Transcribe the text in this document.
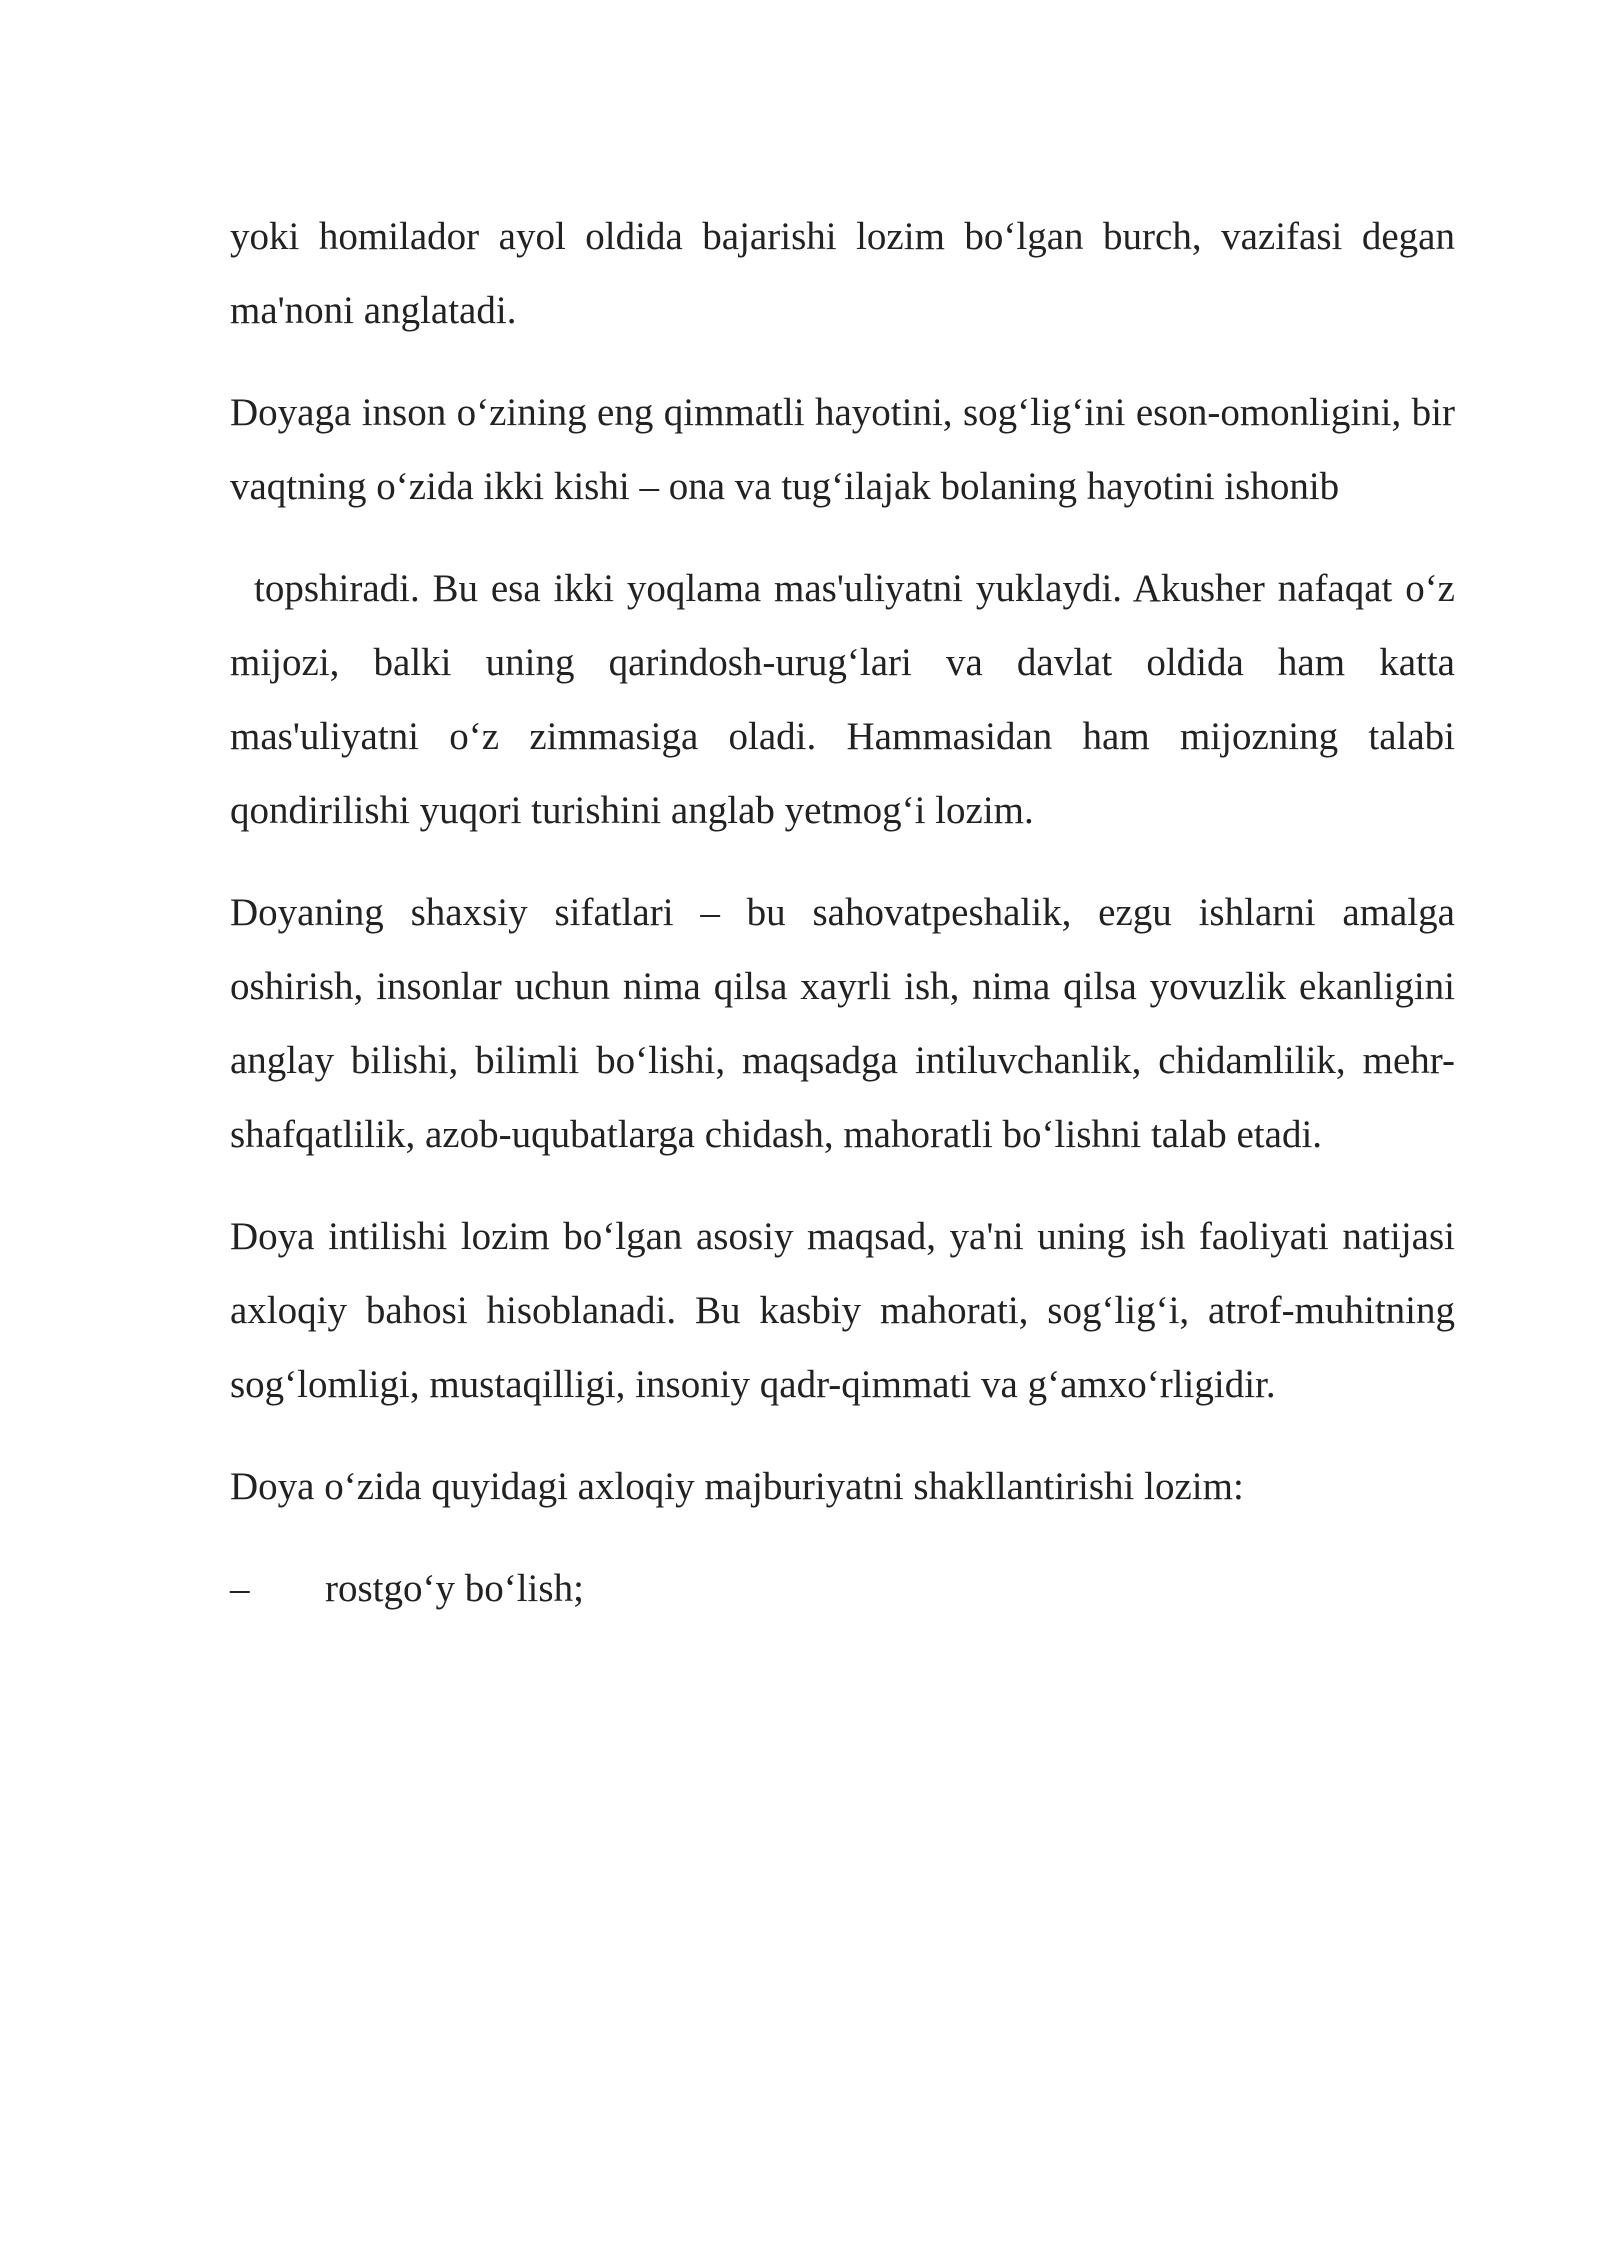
yoki homilador ayol oldida bajarishi lozim bo‘lgan burch, vazifasi degan ma'noni anglatadi.

Doyaga inson o‘zining eng qimmatli hayotini, sog‘lig‘ini eson-omonligini, bir vaqtning o‘zida ikki kishi – ona va tug‘ilajak bolaning hayotini ishonib

topshiradi. Bu esa ikki yoqlama mas'uliyatni yuklaydi. Akusher nafaqat o‘z mijozi, balki uning qarindosh-urug‘lari va davlat oldida ham katta mas'uliyatni o‘z zimmasiga oladi. Hammasidan ham mijozning talabi qondirilishi yuqori turishini anglab yetmog‘i lozim.

Doyaning shaxsiy sifatlari – bu sahovatpeshalik, ezgu ishlarni amalga oshirish, insonlar uchun nima qilsa xayrli ish, nima qilsa yovuzlik ekanligini anglay bilishi, bilimli bo‘lishi, maqsadga intiluvchanlik, chidamlilik, mehr- shafqatlilik, azob-uqubatlarga chidash, mahoratli bo‘lishni talab etadi.

Doya intilishi lozim bo‘lgan asosiy maqsad, ya'ni uning ish faoliyati natijasi axloqiy bahosi hisoblanadi. Bu kasbiy mahorati, sog‘lig‘i, atrof-muhitning sog‘lomligi, mustaqilligi, insoniy qadr-qimmati va g‘amxo‘rligidir.

Doya o‘zida quyidagi axloqiy majburiyatni shakllantirishi lozim:

–	rostgo‘y bo‘lish;
